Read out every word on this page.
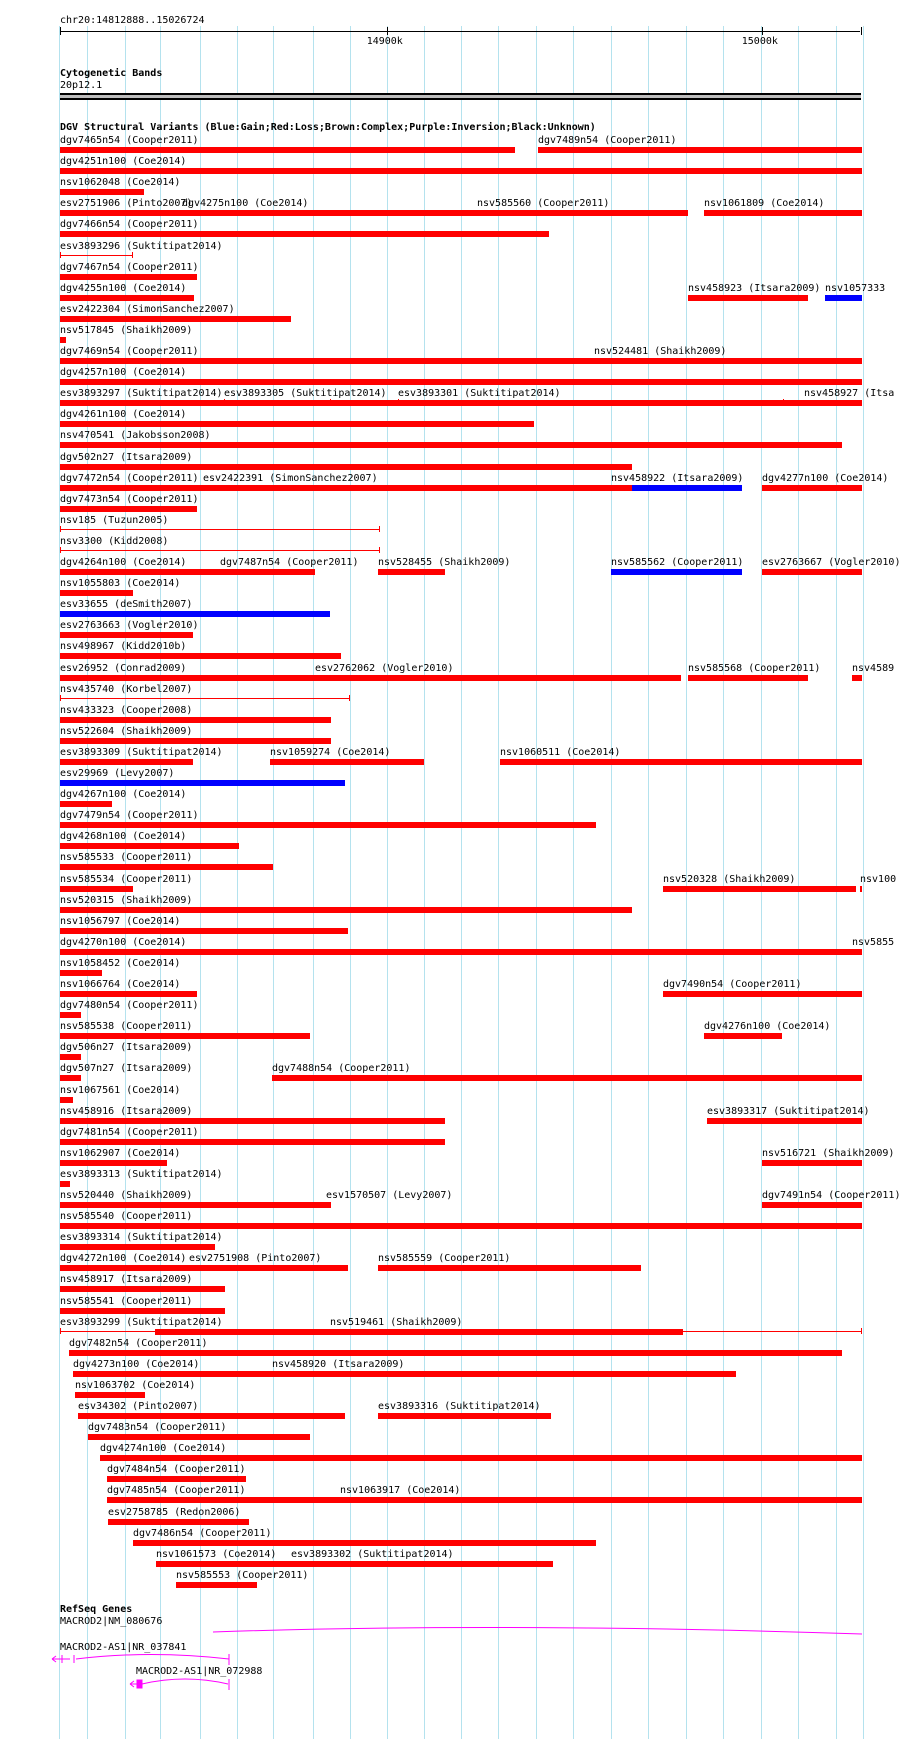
chr20:14812888..15026724
14900k	15000k
Cytogenetic Bands
20p12.1
DGV Structural Variants (Blue:Gain;Red:Loss;Brown:Complex;Purple:Inversion;Black:Unknown)
dgv7465n54 (Cooper2011)	dgv7489n54 (Cooper2011)
dgv4251n100 (Coe2014)
nsv1062048 (Coe2014)
dgv4275n100 (Coe2014)	nsv585560 (Cooper2011)	nsv1061809 (Coe2014)
esv2751906 (Pinto2007)
nsv458923 (Itsara2009) nsv1057333
dgv7466n54 (Cooper2011)
nsv524481 (Shaikh2009)
esv3893296 (Suktitipat2014)
esv3893305 (Suktitipat2014) esv3893301 (Suktitipat2014)	nsv458927 (Itsa
dgv7467n54 (Cooper2011)
esv2422391 (SimonSanchez2007)	nsv458922 (Itsara2009) dgv4277n100 (Coe2014)
dgv4255n100 (Coe2014)
dgv7487n54 (Cooper2011) nsv528455 (Shaikh2009)	nsv585562 (Cooper2011) esv2763667 (Vogler2010)
esv2422304 (SimonSanchez2007)
esv2762062 (Vogler2010)	nsv585568 (Cooper2011)	nsv4589
nsv517845 (Shaikh2009)
nsv1059274 (Coe2014)	nsv1060511 (Coe2014)
dgv7469n54 (Cooper2011)
dgv4257n100 (Coe2014)
esv3893297 (Suktitipat2014)
dgv4261n100 (Coe2014)
nsv520328 (Shaikh2009)	nsv100
nsv470541 (Jakobsson2008)
nsv5855
dgv502n27 (Itsara2009)
dgv7490n54 (Cooper2011)
dgv7472n54 (Cooper2011)
dgv4276n100 (Coe2014)
dgv7473n54 (Cooper2011)
dgv7488n54 (Cooper2011)
nsv185 (Tuzun2005)
esv3893317 (Suktitipat2014)
nsv3300 (Kidd2008)
nsv516721 (Shaikh2009)
dgv4264n100 (Coe2014)
esv1570507 (Levy2007)	dgv7491n54 (Cooper2011)
nsv1055803 (Coe2014)
esv2751908 (Pinto2007)	nsv585559 (Cooper2011)
esv33655 (deSmith2007)
nsv519461 (Shaikh2009)
esv2763663 (Vogler2010)
nsv458920 (Itsara2009)
nsv498967 (Kidd2010b)
esv3893316 (Suktitipat2014)
esv26952 (Conrad2009)
nsv435740 (Korbel2007)
nsv433323 (Cooper2008)
nsv1063917 (Coe2014)
nsv522604 (Shaikh2009)
esv3893309 (Suktitipat2014)
esv3893302 (Suktitipat2014)
esv29969 (Levy2007)
dgv4267n100 (Coe2014)
dgv7479n54 (Cooper2011)
dgv4268n100 (Coe2014)
nsv585533 (Cooper2011)
nsv585534 (Cooper2011)
nsv520315 (Shaikh2009)
nsv1056797 (Coe2014)
dgv4270n100 (Coe2014)
nsv1058452 (Coe2014)
nsv1066764 (Coe2014)
dgv7480n54 (Cooper2011)
nsv585538 (Cooper2011)
dgv506n27 (Itsara2009)
dgv507n27 (Itsara2009)
nsv1067561 (Coe2014)
nsv458916 (Itsara2009)
dgv7481n54 (Cooper2011)
nsv1062907 (Coe2014)
esv3893313 (Suktitipat2014)
nsv520440 (Shaikh2009)
nsv585540 (Cooper2011)
esv3893314 (Suktitipat2014)
dgv4272n100 (Coe2014)
nsv458917 (Itsara2009)
nsv585541 (Cooper2011)
esv3893299 (Suktitipat2014)
dgv7482n54 (Cooper2011)
dgv4273n100 (Coe2014)
nsv1063702 (Coe2014)
esv34302 (Pinto2007)
dgv7483n54 (Cooper2011)
dgv4274n100 (Coe2014)
dgv7484n54 (Cooper2011)
dgv7485n54 (Cooper2011)
esv2758785 (Redon2006)
dgv7486n54 (Cooper2011)
nsv1061573 (Coe2014)
nsv585553 (Cooper2011)
RefSeq Genes
MACROD2|NM_080676
MACROD2-AS1|NR_037841
MACROD2-AS1|NR_072988
